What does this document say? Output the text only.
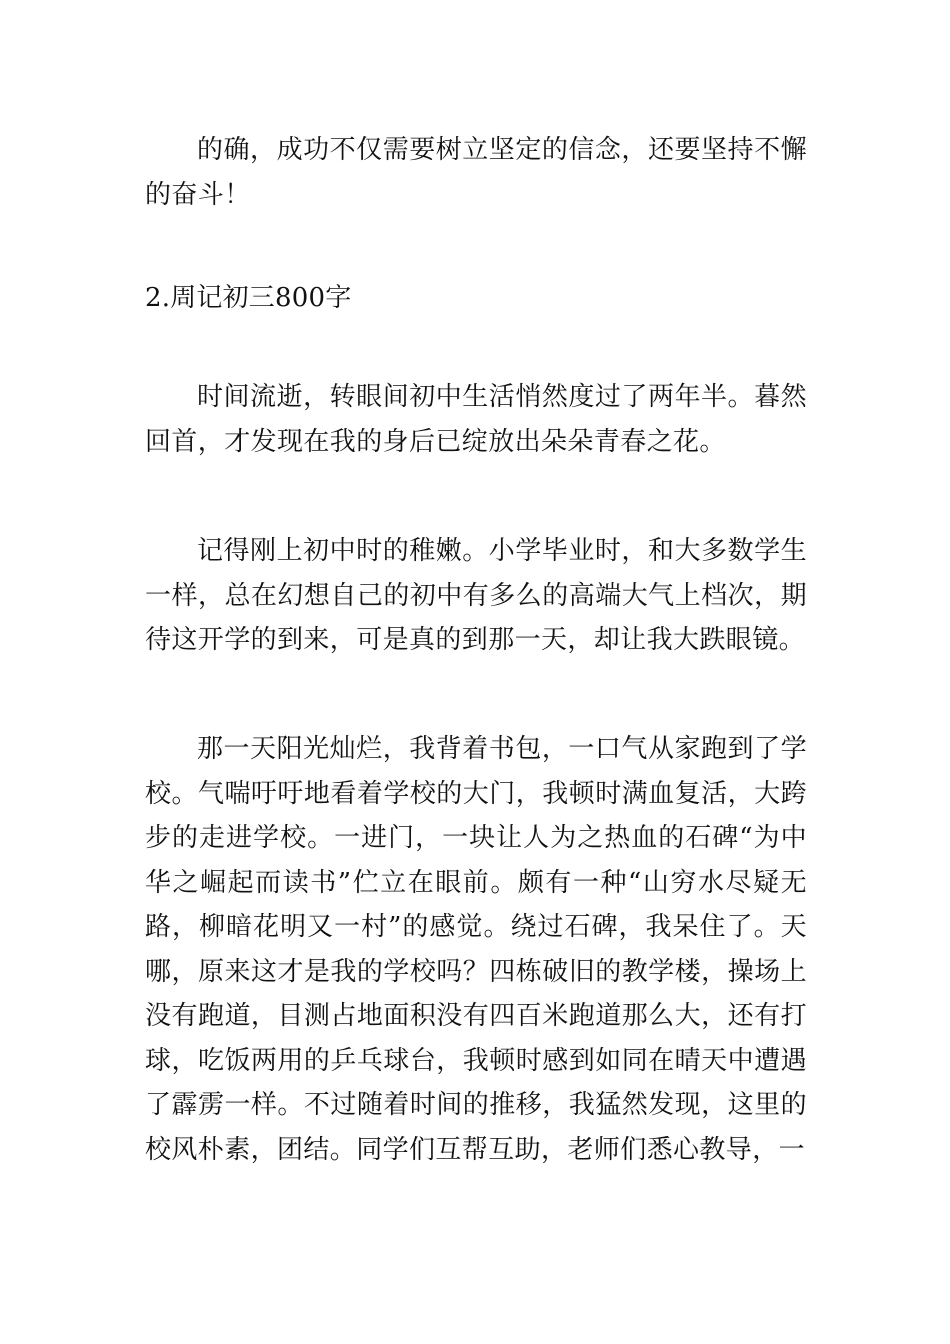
的确，成功不仅需要树立坚定的信念，还要坚持不懈的奋斗！

2.周记初三800字

时间流逝，转眼间初中生活悄然度过了两年半。暮然回首，才发现在我的身后已绽放出朵朵青春之花。

记得刚上初中时的稚嫩。小学毕业时，和大多数学生一样，总在幻想自己的初中有多么的高端大气上档次，期待这开学的到来，可是真的到那一天，却让我大跌眼镜。

那一天阳光灿烂，我背着书包，一口气从家跑到了学校。气喘吁吁地看着学校的大门，我顿时满血复活，大跨步的走进学校。一进门，一块让人为之热血的石碑“为中华之崛起而读书”伫立在眼前。颇有一种“山穷水尽疑无路，柳暗花明又一村”的感觉。绕过石碑，我呆住了。天哪，原来这才是我的学校吗？四栋破旧的教学楼，操场上没有跑道，目测占地面积没有四百米跑道那么大，还有打球，吃饭两用的乒乓球台，我顿时感到如同在晴天中遭遇了霹雳一样。不过随着时间的推移，我猛然发现，这里的校风朴素，团结。同学们互帮互助，老师们悉心教导，一
